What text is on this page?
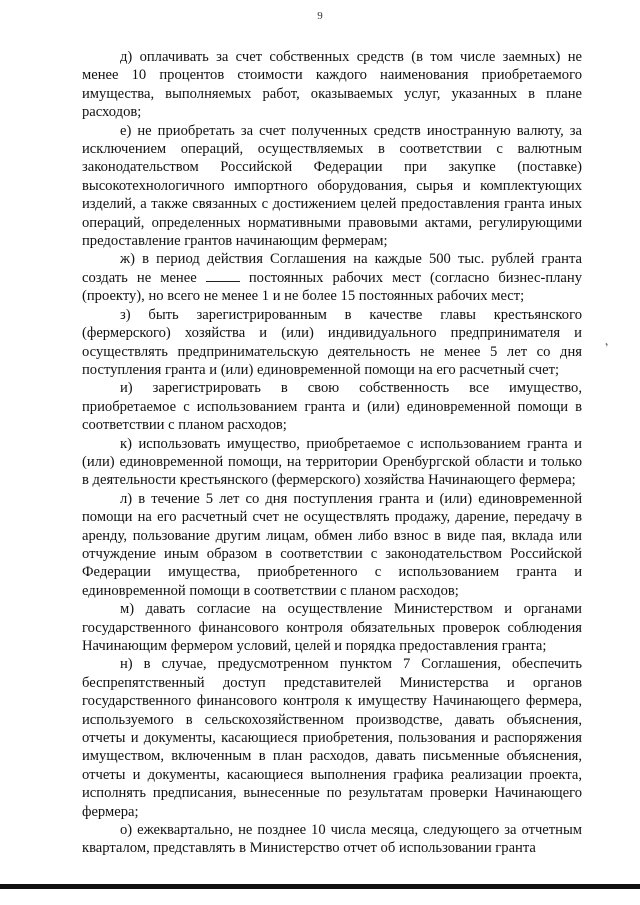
9

д) оплачивать за счет собственных средств (в том числе заемных) не менее 10 процентов стоимости каждого наименования приобретаемого имущества, выполняемых работ, оказываемых услуг, указанных в плане расходов;

е) не приобретать за счет полученных средств иностранную валюту, за исключением операций, осуществляемых в соответствии с валютным законодательством Российской Федерации при закупке (поставке) высокотехнологичного импортного оборудования, сырья и комплектующих изделий, а также связанных с достижением целей предоставления гранта иных операций, определенных нормативными правовыми актами, регулирующими предоставление грантов начинающим фермерам;

ж) в период действия Соглашения на каждые 500 тыс. рублей гранта создать не менее	постоянных рабочих мест (согласно бизнес-плану (проекту), но всего не менее 1 и не более 15 постоянных рабочих мест;

з) быть зарегистрированным в качестве главы крестьянского (фермерского) хозяйства и (или) индивидуального предпринимателя и осуществлять предпринимательскую деятельность не менее 5 лет со дня поступления гранта и (или) единовременной помощи на его расчетный счет;

и) зарегистрировать в свою собственность все имущество, приобретаемое с использованием гранта и (или) единовременной помощи в соответствии с планом расходов;

к) использовать имущество, приобретаемое с использованием гранта и (или) единовременной помощи, на территории Оренбургской области и только в деятельности крестьянского (фермерского) хозяйства Начинающего фермера;

л) в течение 5 лет со дня поступления гранта и (или) единовременной помощи на его расчетный счет не осуществлять продажу, дарение, передачу в аренду, пользование другим лицам, обмен либо взнос в виде пая, вклада или отчуждение иным образом в соответствии с законодательством Российской Федерации имущества, приобретенного с использованием гранта и единовременной помощи в соответствии с планом расходов;

м) давать согласие на осуществление Министерством и органами государственного финансового контроля обязательных проверок соблюдения Начинающим фермером условий, целей и порядка предоставления гранта;

н) в случае, предусмотренном пунктом 7 Соглашения, обеспечить беспрепятственный доступ представителей Министерства и органов государственного финансового контроля к имуществу Начинающего фермера, используемого в сельскохозяйственном производстве, давать объяснения, отчеты и документы, касающиеся приобретения, пользования и распоряжения имуществом, включенным в план расходов, давать письменные объяснения, отчеты и документы, касающиеся выполнения графика реализации проекта, исполнять предписания, вынесенные по результатам проверки Начинающего фермера;

о) ежеквартально, не позднее 10 числа месяца, следующего за отчетным кварталом, представлять в Министерство отчет об использовании гранта

’
